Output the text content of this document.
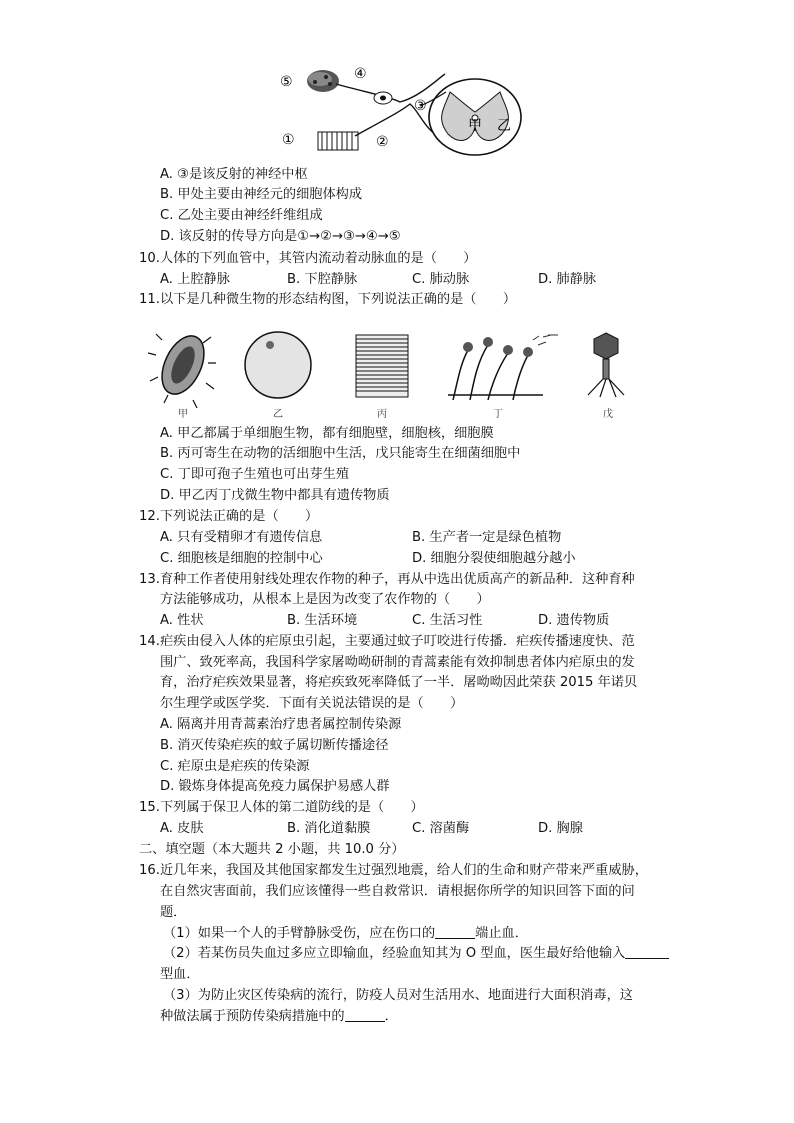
⑤	④
③
②
①
甲 乙
A. ③是该反射的神经中枢
B. 甲处主要由神经元的细胞体构成
C. 乙处主要由神经纤维组成
D. 该反射的传导方向是①→②→③→④→⑤
10. 人体的下列血管中，其管内流动着动脉血的是（　　）
A. 上腔静脉	B. 下腔静脉	C. 肺动脉	D. 肺静脉
11. 以下是几种微生物的形态结构图，下列说法正确的是（　　）
甲	乙	丙	丁	戊
A. 甲乙都属于单细胞生物，都有细胞壁，细胞核，细胞膜
B. 丙可寄生在动物的活细胞中生活，戊只能寄生在细菌细胞中
C. 丁即可孢子生殖也可出芽生殖
D. 甲乙丙丁戊微生物中都具有遗传物质
12. 下列说法正确的是（　　）
A. 只有受精卵才有遗传信息	B. 生产者一定是绿色植物
C. 细胞核是细胞的控制中心	D. 细胞分裂使细胞越分越小
13. 育种工作者使用射线处理农作物的种子，再从中选出优质高产的新品种．这种育种
方法能够成功，从根本上是因为改变了农作物的（　　）
A. 性状	B. 生活环境	C. 生活习性	D. 遗传物质
14. 疟疾由侵入人体的疟原虫引起，主要通过蚊子叮咬进行传播．疟疾传播速度快、范
围广、致死率高，我国科学家屠呦呦研制的青蒿素能有效抑制患者体内疟原虫的发
育，治疗疟疾效果显著，将疟疾致死率降低了一半．屠呦呦因此荣获 2015 年诺贝
尔生理学或医学奖．下面有关说法错误的是（　　）
A. 隔离并用青蒿素治疗患者属控制传染源
B. 消灭传染疟疾的蚊子属切断传播途径
C. 疟原虫是疟疾的传染源
D. 锻炼身体提高免疫力属保护易感人群
15. 下列属于保卫人体的第二道防线的是（　　）
A. 皮肤	B. 消化道黏膜	C. 溶菌酶	D. 胸腺
二、填空题（本大题共 2 小题，共 10.0 分）
16. 近几年来，我国及其他国家都发生过强烈地震，给人们的生命和财产带来严重威胁，
在自然灾害面前，我们应该懂得一些自救常识．请根据你所学的知识回答下面的问
题．
（1）如果一个人的手臂静脉受伤，应在伤口的	端止血．
（2）若某伤员失血过多应立即输血，经验血知其为 O 型血，医生最好给他输入
型血．
（3）为防止灾区传染病的流行，防疫人员对生活用水、地面进行大面积消毒，这
种做法属于预防传染病措施中的	．
